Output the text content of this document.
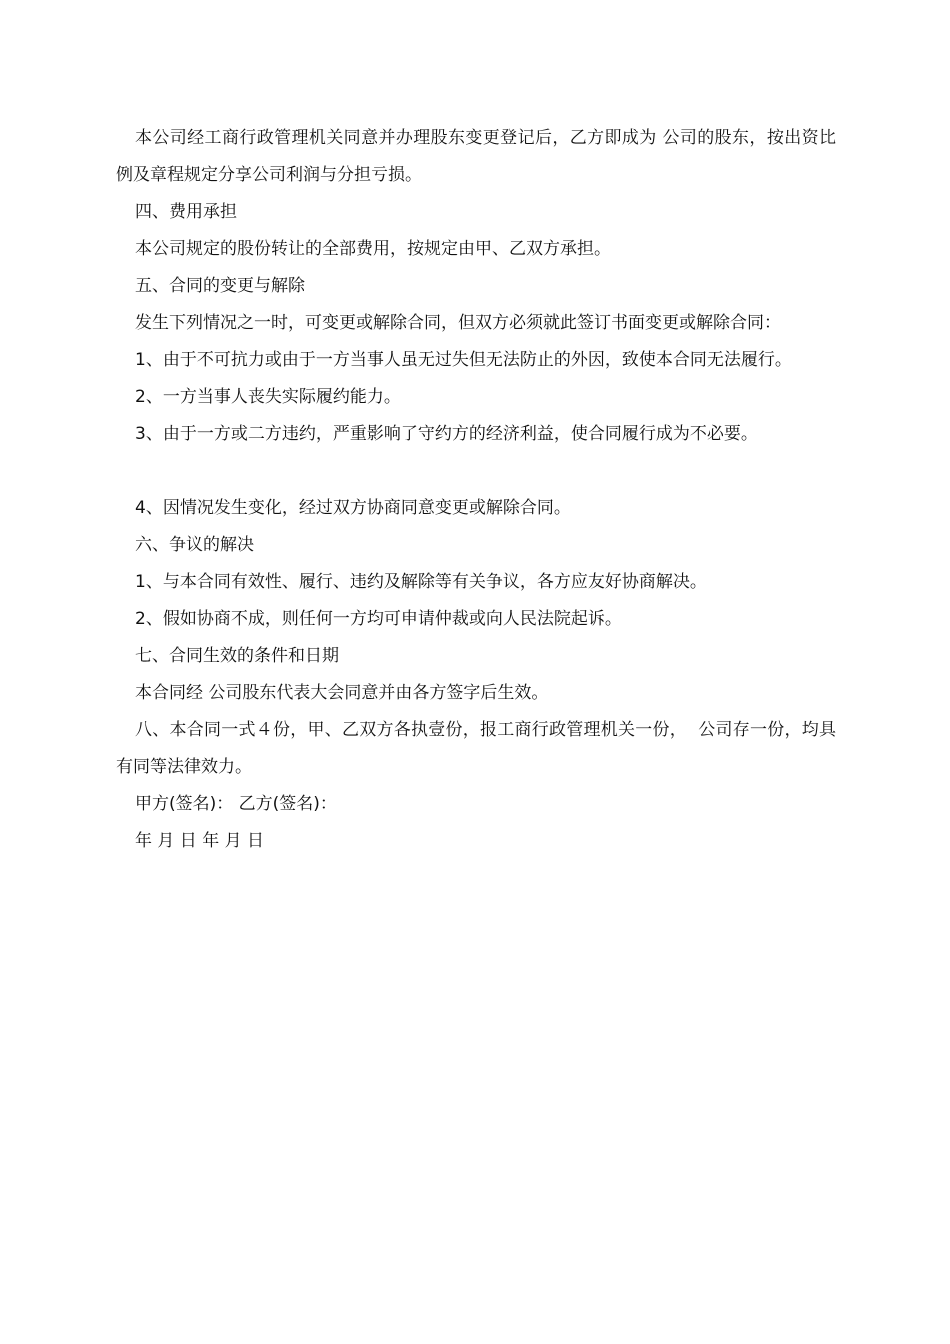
本公司经工商行政管理机关同意并办理股东变更登记后，乙方即成为 公司的股东，按出资比例及章程规定分享公司利润与分担亏损。

四、费用承担

本公司规定的股份转让的全部费用，按规定由甲、乙双方承担。

五、合同的变更与解除

发生下列情况之一时，可变更或解除合同，但双方必须就此签订书面变更或解除合同：

1、由于不可抗力或由于一方当事人虽无过失但无法防止的外因，致使本合同无法履行。

2、一方当事人丧失实际履约能力。

3、由于一方或二方违约，严重影响了守约方的经济利益，使合同履行成为不必要。

4、因情况发生变化，经过双方协商同意变更或解除合同。

六、争议的解决

1、与本合同有效性、履行、违约及解除等有关争议，各方应友好协商解决。

2、假如协商不成，则任何一方均可申请仲裁或向人民法院起诉。

七、合同生效的条件和日期

本合同经 公司股东代表大会同意并由各方签字后生效。

八、本合同一式４份，甲、乙双方各执壹份，报工商行政管理机关一份，  公司存一份，均具有同等法律效力。

甲方(签名)： 乙方(签名)：

年 月 日 年 月 日
